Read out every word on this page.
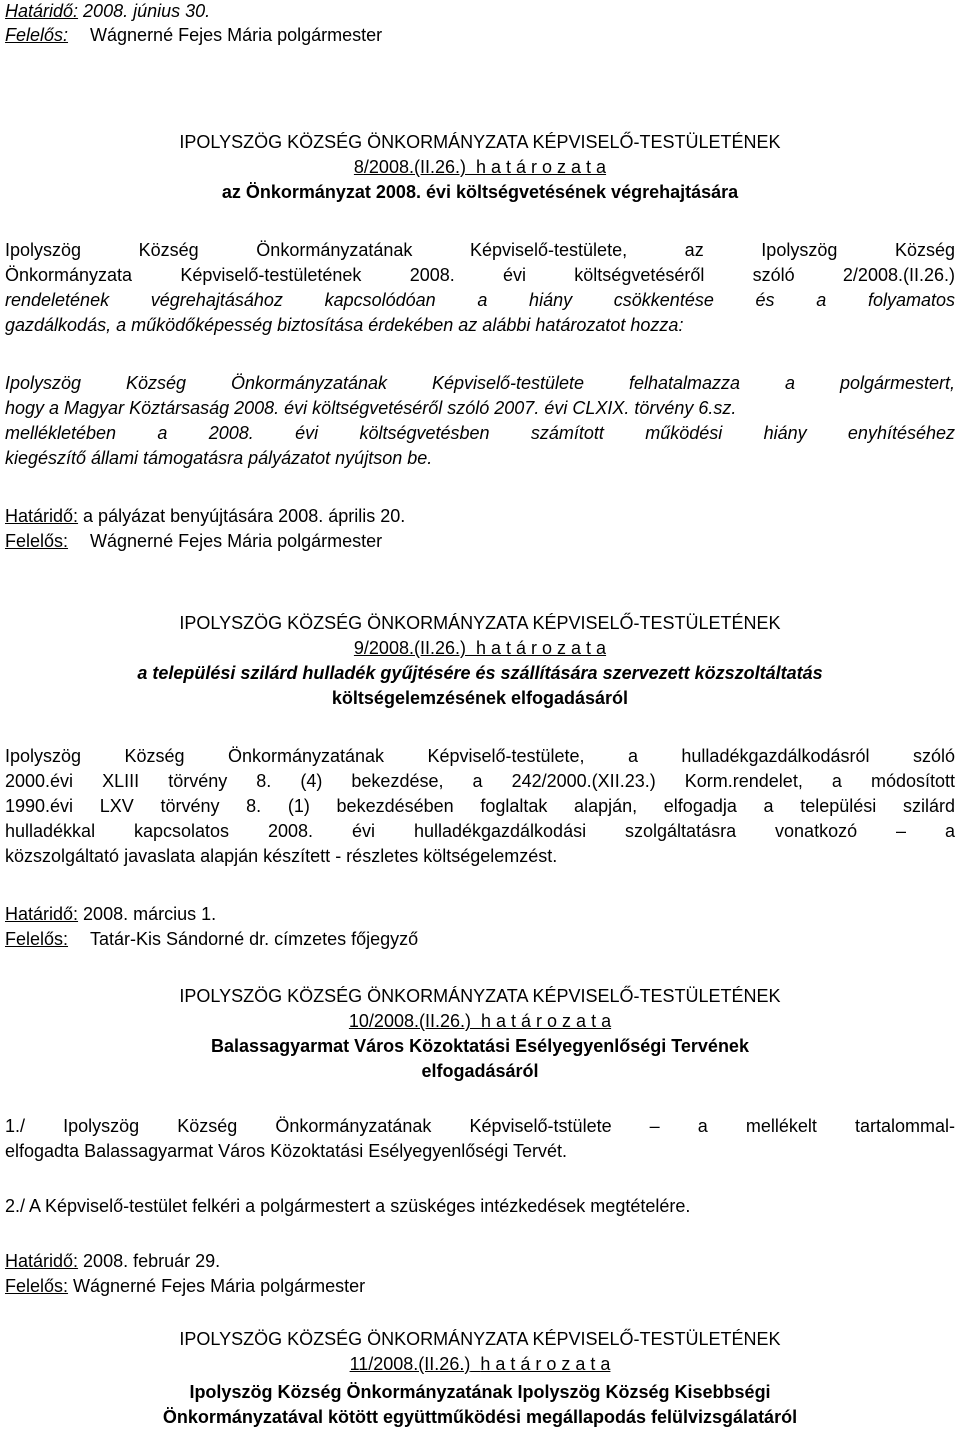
Határidő: 2008. június 30.
Felelős: Wágnerné Fejes Mária polgármester
IPOLYSZÖG KÖZSÉG ÖNKORMÁNYZATA KÉPVISELŐ-TESTÜLETÉNEK
8/2008.(II.26.) h a t á r o z a t a
az Önkormányzat 2008. évi költségvetésének végrehajtására
Ipolyszög Község Önkormányzatának Képviselő-testülete, az Ipolyszög Község
Önkormányzata Képviselő-testületének 2008. évi költségvetéséről szóló 2/2008.(II.26.)
rendeletének végrehajtásához kapcsolódóan a hiány csökkentése és a folyamatos
gazdálkodás, a működőképesség biztosítása érdekében az alábbi határozatot hozza:
Ipolyszög Község Önkormányzatának Képviselő-testülete felhatalmazza a polgármestert,
hogy a Magyar Köztársaság 2008. évi költségvetéséről szóló 2007. évi CLXIX. törvény 6.sz.
mellékletében a 2008. évi költségvetésben számított működési hiány enyhítéséhez
kiegészítő állami támogatásra pályázatot nyújtson be.
Határidő: a pályázat benyújtására 2008. április 20.
Felelős: Wágnerné Fejes Mária polgármester
IPOLYSZÖG KÖZSÉG ÖNKORMÁNYZATA KÉPVISELŐ-TESTÜLETÉNEK
9/2008.(II.26.) h a t á r o z a t a
a települési szilárd hulladék gyűjtésére és szállítására szervezett közszoltáltatás
költségelemzésének elfogadásáról
Ipolyszög Község Önkormányzatának Képviselő-testülete, a hulladékgazdálkodásról szóló
2000.évi XLIII törvény 8. (4) bekezdése, a 242/2000.(XII.23.) Korm.rendelet, a módosított
1990.évi LXV törvény 8. (1) bekezdésében foglaltak alapján, elfogadja a települési szilárd
hulladékkal kapcsolatos 2008. évi hulladékgazdálkodási szolgáltatásra vonatkozó – a
közszolgáltató javaslata alapján készített - részletes költségelemzést.
Határidő: 2008. március 1.
Felelős: Tatár-Kis Sándorné dr. címzetes főjegyző
IPOLYSZÖG KÖZSÉG ÖNKORMÁNYZATA KÉPVISELŐ-TESTÜLETÉNEK
10/2008.(II.26.) h a t á r o z a t a
Balassagyarmat Város Közoktatási Esélyegyenlőségi Tervének
elfogadásáról
1./ Ipolyszög Község Önkormányzatának Képviselő-tstülete – a mellékelt tartalommal-
elfogadta Balassagyarmat Város Közoktatási Esélyegyenlőségi Tervét.
2./ A Képviselő-testület felkéri a polgármestert a szüskéges intézkedések megtételére.
Határidő: 2008. február 29.
Felelős: Wágnerné Fejes Mária polgármester
IPOLYSZÖG KÖZSÉG ÖNKORMÁNYZATA KÉPVISELŐ-TESTÜLETÉNEK
11/2008.(II.26.) h a t á r o z a t a
Ipolyszög Község Önkormányzatának Ipolyszög Község Kisebbségi
Önkormányzatával kötött együttműködési megállapodás felülvizsgálatáról
